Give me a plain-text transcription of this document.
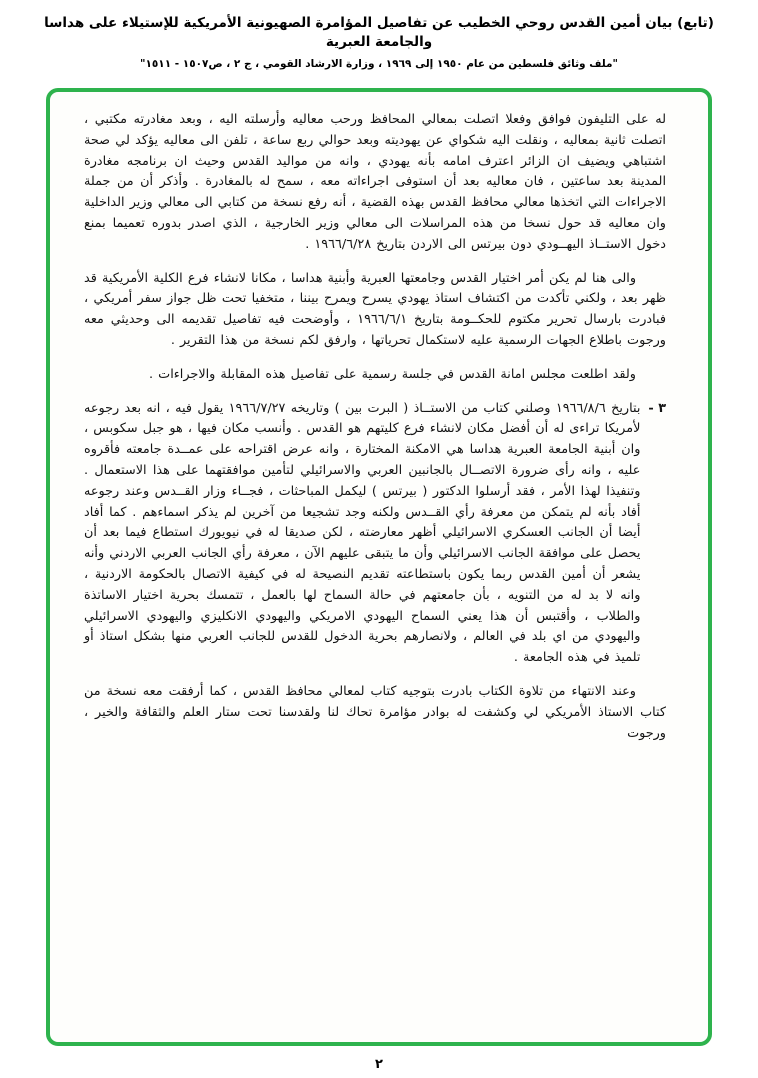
(تابع) بيان أمين القدس روحي الخطيب عن تفاصيل المؤامرة الصهيونية الأمريكية للإستيلاء على هداسا والجامعة العبرية
"ملف وثائق فلسطين من عام ١٩٥٠ إلى ١٩٦٩ ، وزارة الارشاد القومي ، ج ٢ ، ص١٥٠٧ - ١٥١١"

له على التليفون فوافق وفعلا اتصلت بمعالي المحافظ ورحب معاليه وأرسلته اليه ، وبعد مغادرته مكتبي ، اتصلت ثانية بمعاليه ، ونقلت اليه شكواي عن يهوديته وبعد حوالي ربع ساعة ، تلفن الى معاليه يؤكد لي صحة اشتباهي ويضيف ان الزائر اعترف امامه بأنه يهودي ، وانه من مواليد القدس وحيث ان برنامجه مغادرة المدينة بعد ساعتين ، فان معاليه بعد أن استوفى اجراءاته معه ، سمح له بالمغادرة . وأذكر أن من جملة الاجراءات التي اتخذها معالي محافظ القدس بهذه القضية ، أنه رفع نسخة من كتابي الى معالي وزير الداخلية وان معاليه قد حول نسخا من هذه المراسلات الى معالي وزير الخارجية ، الذي اصدر بدوره تعميما بمنع دخول الاستــاذ اليهــودي دون بيرتس الى الاردن بتاريخ ١٩٦٦/٦/٢٨ .

والى هنا لم يكن أمر اختيار القدس وجامعتها العبرية وأبنية هداسا ، مكانا لانشاء فرع الكلية الأمريكية قد ظهر بعد ، ولكني تأكدت من اكتشاف استاذ يهودي يسرح ويمرح بيننا ، متخفيا تحت ظل جواز سفر أمريكي ، فبادرت بارسال تحرير مكتوم للحكــومة بتاريخ ١٩٦٦/٦/١ ، وأوضحت فيه تفاصيل تقديمه الى وحديثي معه ورجوت باطلاع الجهات الرسمية عليه لاستكمال تحرياتها ، وارفق لكم نسخة من هذا التقرير .

ولقد اطلعت مجلس امانة القدس في جلسة رسمية على تفاصيل هذه المقابلة والاجراءات .

٣ -

بتاريخ ١٩٦٦/٨/٦ وصلني كتاب من الاستــاذ ( البرت بين ) وتاريخه ١٩٦٦/٧/٢٧ يقول فيه ، انه بعد رجوعه لأمريكا تراءى له أن أفضل مكان لانشاء فرع كليتهم هو القدس . وأنسب مكان فيها ، هو جبل سكوبس ، وان أبنية الجامعة العبرية هداسا هي الامكنة المختارة ، وانه عرض اقتراحه على عمــدة جامعته فأقروه عليه ، وانه رأى ضرورة الاتصــال بالجانبين العربي والاسرائيلي لتأمين موافقتهما على هذا الاستعمال . وتنفيذا لهذا الأمر ، فقد أرسلوا الدكتور ( بيرتس ) ليكمل المباحثات ، فجــاء وزار القــدس وعند رجوعه أفاد بأنه لم يتمكن من معرفة رأي القــدس ولكنه وجد تشجيعا من آخرين لم يذكر اسماءهم . كما أفاد أيضا أن الجانب العسكري الاسرائيلي أظهر معارضته ، لكن صديقا له في نيويورك استطاع فيما بعد أن يحصل على موافقة الجانب الاسرائيلي وأن ما يتبقى عليهم الآن ، معرفة رأي الجانب العربي الاردني وأنه يشعر أن أمين القدس ربما يكون باستطاعته تقديم النصيحة له في كيفية الاتصال بالحكومة الاردنية ، وانه لا بد له من التنويه ، بأن جامعتهم في حالة السماح لها بالعمل ، تتمسك بحرية اختيار الاساتذة والطلاب ، وأقتبس أن هذا يعني السماح اليهودي الامريكي واليهودي الانكليزي واليهودي الاسرائيلي واليهودي من اي بلد في العالم ، ولانصارهم بحرية الدخول للقدس للجانب العربي منها بشكل استاذ أو تلميذ في هذه الجامعة .

وعند الانتهاء من تلاوة الكتاب بادرت بتوجيه كتاب لمعالي محافظ القدس ، كما أرفقت معه نسخة من كتاب الاستاذ الأمريكي لي وكشفت له بوادر مؤامرة تحاك لنا ولقدسنا تحت ستار العلم والثقافة والخير ، ورجوت

٢
